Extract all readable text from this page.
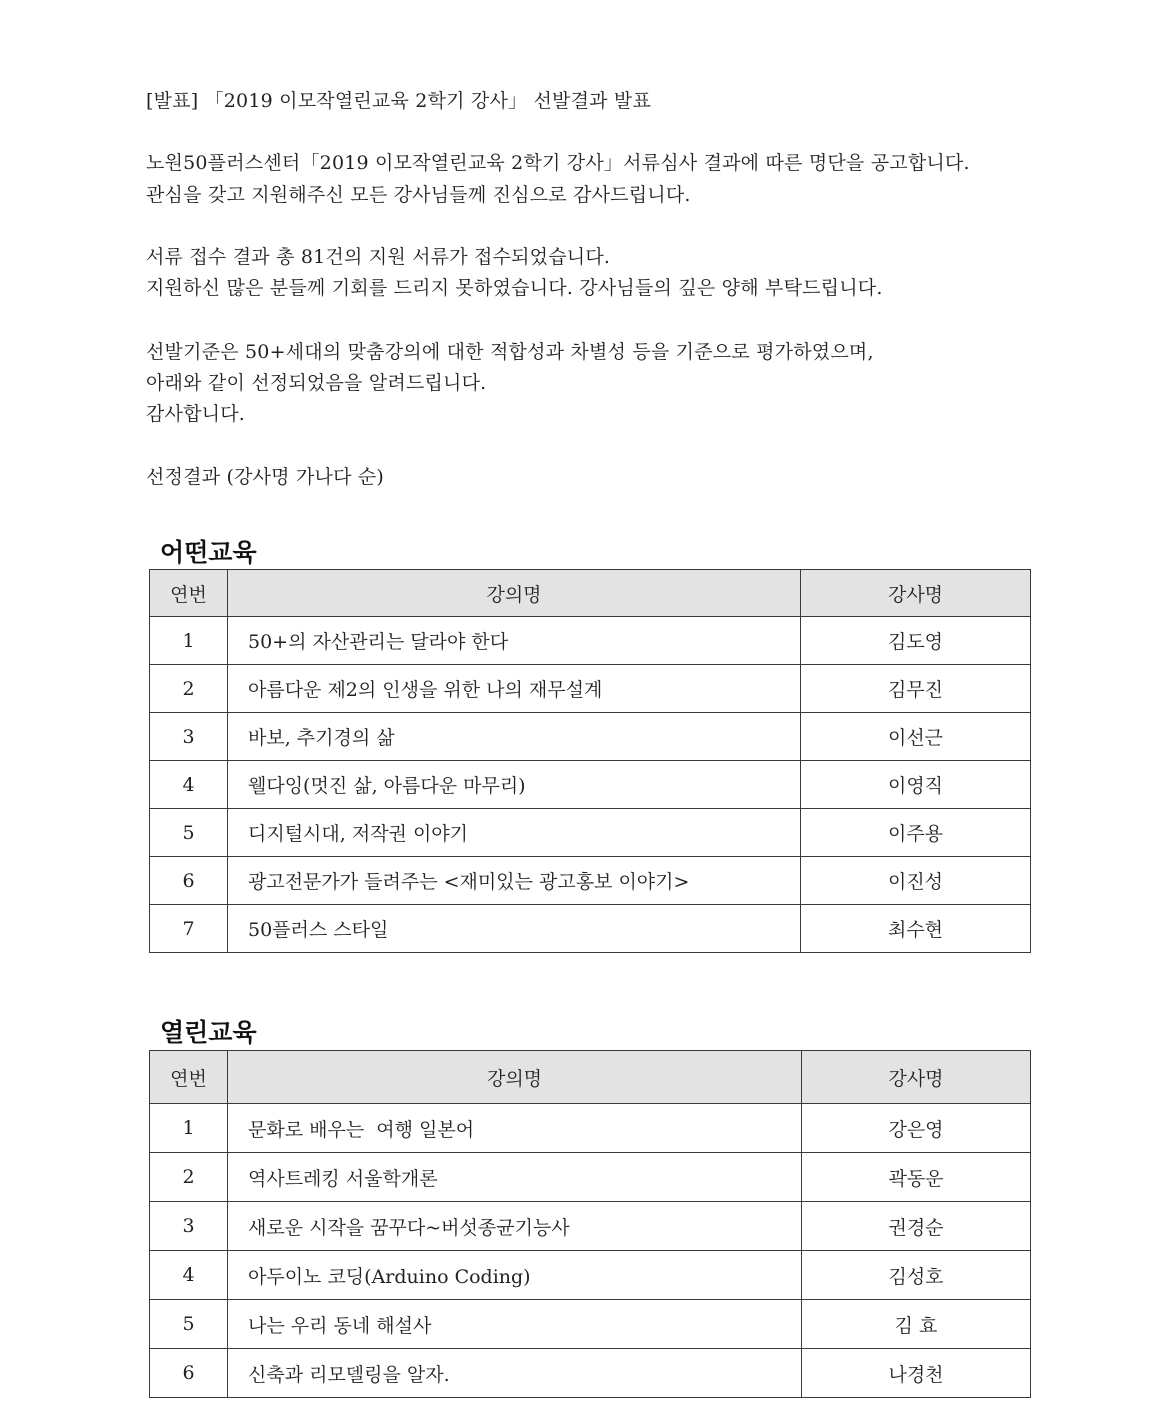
[발표] 「2019 이모작열린교육 2학기 강사」 선발결과 발표
노원50플러스센터「2019 이모작열린교육 2학기 강사」서류심사 결과에 따른 명단을 공고합니다.
관심을 갖고 지원해주신 모든 강사님들께 진심으로 감사드립니다.
서류 접수 결과 총 81건의 지원 서류가 접수되었습니다.
지원하신 많은 분들께 기회를 드리지 못하였습니다. 강사님들의 깊은 양해 부탁드립니다.
선발기준은 50+세대의 맞춤강의에 대한 적합성과 차별성 등을 기준으로 평가하였으며,
아래와 같이 선정되었음을 알려드립니다.
감사합니다.
선정결과 (강사명 가나다 순)
어떤교육
연번	강의명	강사명
1	50+의 자산관리는 달라야 한다	김도영
2	아름다운 제2의 인생을 위한 나의 재무설계	김무진
3	바보, 추기경의 삶	이선근
4	웰다잉(멋진 삶, 아름다운 마무리)	이영직
5	디지털시대, 저작권 이야기	이주용
6	광고전문가가 들려주는 <재미있는 광고홍보 이야기>	이진성
7	50플러스 스타일	최수현
열린교육
연번	강의명	강사명
1	문화로 배우는  여행 일본어	강은영
2	역사트레킹 서울학개론	곽동운
3	새로운 시작을 꿈꾸다~버섯종균기능사	권경순
4	아두이노 코딩(Arduino Coding)	김성호
5	나는 우리 동네 해설사	김 효
6	신축과 리모델링을 알자.	나경천
